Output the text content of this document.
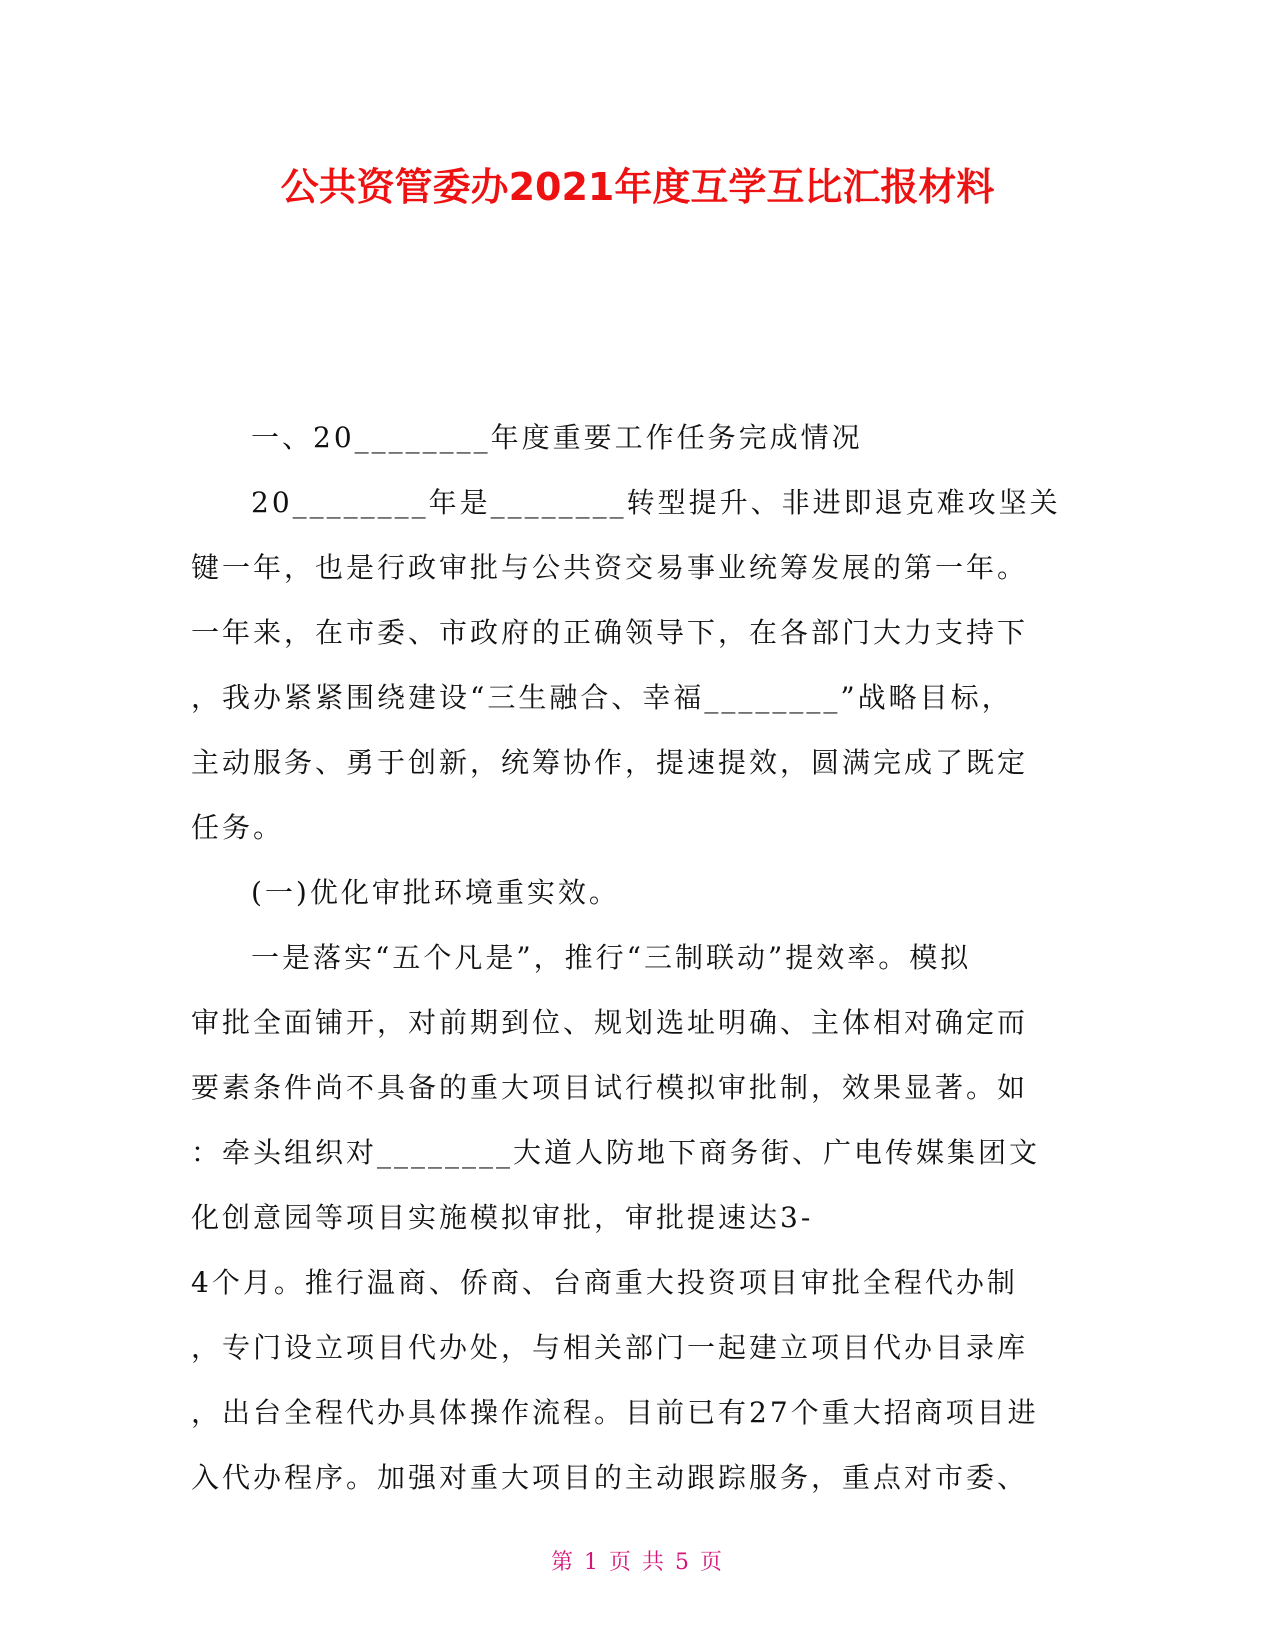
公共资管委办2021年度互学互比汇报材料
一、20________年度重要工作任务完成情况
20________年是________转型提升、非进即退克难攻坚关
键一年，也是行政审批与公共资交易事业统筹发展的第一年。
一年来，在市委、市政府的正确领导下，在各部门大力支持下
，我办紧紧围绕建设“三生融合、幸福________”战略目标，
主动服务、勇于创新，统筹协作，提速提效，圆满完成了既定
任务。
(一)优化审批环境重实效。
一是落实“五个凡是”，推行“三制联动”提效率。模拟
审批全面铺开，对前期到位、规划选址明确、主体相对确定而
要素条件尚不具备的重大项目试行模拟审批制，效果显著。如
：牵头组织对________大道人防地下商务街、广电传媒集团文
化创意园等项目实施模拟审批，审批提速达3-
4个月。推行温商、侨商、台商重大投资项目审批全程代办制
，专门设立项目代办处，与相关部门一起建立项目代办目录库
，出台全程代办具体操作流程。目前已有27个重大招商项目进
入代办程序。加强对重大项目的主动跟踪服务，重点对市委、
第 1 页 共 5 页
